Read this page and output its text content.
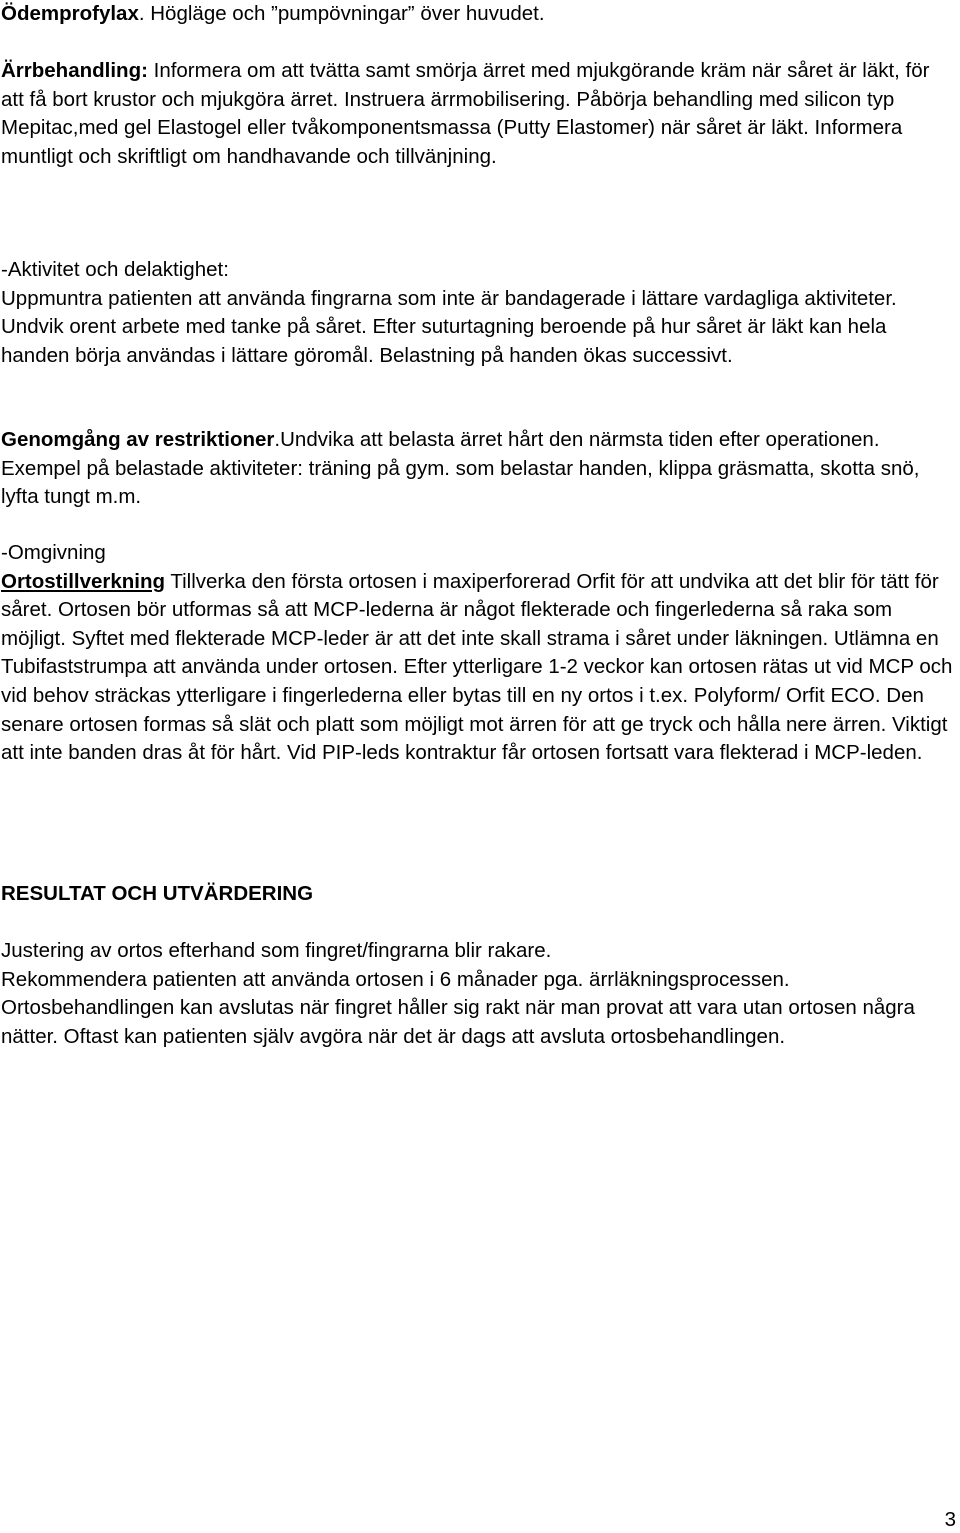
Ödemprofylax. Högläge och ”pumpövningar” över huvudet.
Ärrbehandling: Informera om att tvätta samt smörja ärret med mjukgörande kräm när såret är läkt, för att få bort krustor och mjukgöra ärret. Instruera ärrmobilisering. Påbörja behandling med silicon typ Mepitac,med gel Elastogel eller tvåkomponentsmassa (Putty Elastomer) när såret är läkt. Informera muntligt och skriftligt om handhavande och tillvänjning.
-Aktivitet och delaktighet:
Uppmuntra patienten att använda fingrarna som inte är bandagerade i lättare vardagliga aktiviteter. Undvik orent arbete med tanke på såret. Efter suturtagning beroende på hur såret är läkt kan hela handen börja användas i lättare göromål. Belastning på handen ökas successivt.
Genomgång av restriktioner.Undvika att belasta ärret hårt den närmsta tiden efter operationen. Exempel på belastade aktiviteter: träning på gym. som belastar handen, klippa gräsmatta, skotta snö, lyfta tungt m.m.
-Omgivning
Ortostillverkning Tillverka den första ortosen i maxiperforerad Orfit för att undvika att det blir för tätt för såret. Ortosen bör utformas så att MCP-lederna är något flekterade och fingerlederna så raka som möjligt. Syftet med flekterade MCP-leder är att det inte skall strama i såret under läkningen. Utlämna en Tubifaststrumpa att använda under ortosen. Efter ytterligare 1-2 veckor kan ortosen rätas ut vid MCP och vid behov sträckas ytterligare i fingerlederna eller bytas till en ny ortos i t.ex. Polyform/ Orfit ECO. Den senare ortosen formas så slät och platt som möjligt mot ärren för att ge tryck och hålla nere ärren. Viktigt att inte banden dras åt för hårt. Vid PIP-leds kontraktur får ortosen fortsatt vara flekterad i MCP-leden.
RESULTAT OCH UTVÄRDERING
Justering av ortos efterhand som fingret/fingrarna blir rakare.
Rekommendera patienten att använda ortosen i 6 månader pga. ärrläkningsprocessen.
Ortosbehandlingen kan avslutas när fingret håller sig rakt när man provat att vara utan ortosen några nätter. Oftast kan patienten själv avgöra när det är dags att avsluta ortosbehandlingen.
3
